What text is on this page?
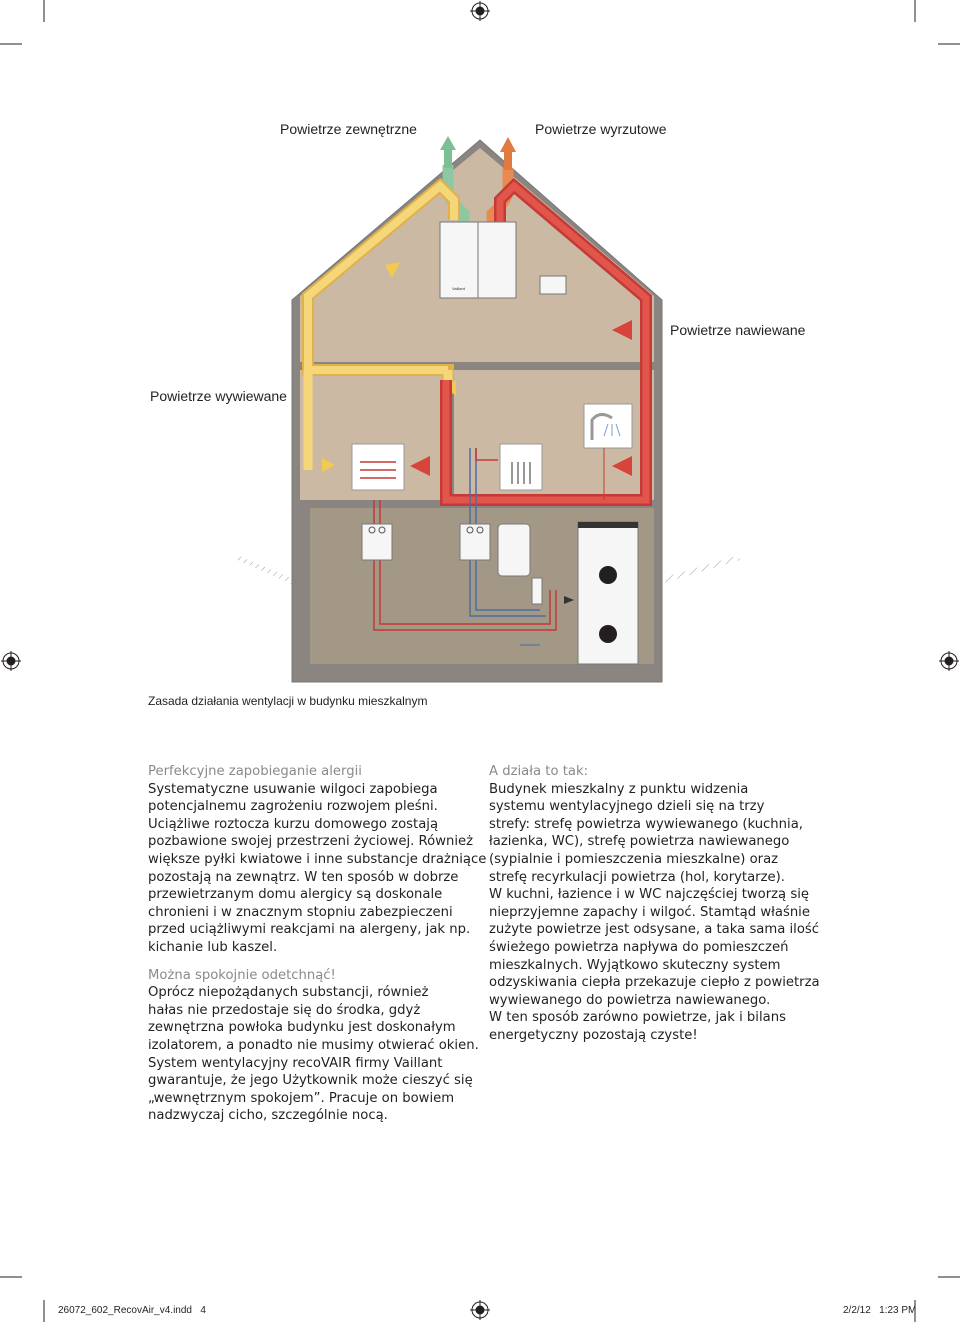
Vaillant
Powietrze zewnętrzne	Powietrze wyrzutowe
Powietrze nawiewane
Powietrze wywiewane
Zasada działania wentylacji w budynku mieszkalnym

Perfekcyjne zapobieganie alergii

Systematyczne usuwanie wilgoci zapobiega
potencjalnemu zagrożeniu rozwojem pleśni.
Uciążliwe roztocza kurzu domowego zostają
pozbawione swojej przestrzeni życiowej. Również
większe pyłki kwiatowe i inne substancje drażniące
pozostają na zewnątrz. W ten sposób w dobrze
przewietrzanym domu alergicy są doskonale
chronieni i w znacznym stopniu zabezpieczeni
przed uciążliwymi reakcjami na alergeny, jak np.
kichanie lub kaszel.

Można spokojnie odetchnąć!

Oprócz niepożądanych substancji, również
hałas nie przedostaje się do środka, gdyż
zewnętrzna powłoka budynku jest doskonałym
izolatorem, a ponadto nie musimy otwierać okien.
System wentylacyjny recoVAIR firmy Vaillant
gwarantuje, że jego Użytkownik może cieszyć się
„wewnętrznym spokojem”. Pracuje on bowiem
nadzwyczaj cicho, szczególnie nocą.

A działa to tak:

Budynek mieszkalny z punktu widzenia
systemu wentylacyjnego dzieli się na trzy
strefy: strefę powietrza wywiewanego (kuchnia,
łazienka, WC), strefę powietrza nawiewanego
(sypialnie i pomieszczenia mieszkalne) oraz
strefę recyrkulacji powietrza (hol, korytarze).
W kuchni, łazience i w WC najczęściej tworzą się
nieprzyjemne zapachy i wilgoć. Stamtąd właśnie
zużyte powietrze jest odsysane, a taka sama ilość
świeżego powietrza napływa do pomieszczeń
mieszkalnych. Wyjątkowo skuteczny system
odzyskiwania ciepła przekazuje ciepło z powietrza
wywiewanego do powietrza nawiewanego.
W ten sposób zarówno powietrze, jak i bilans
energetyczny pozostają czyste!

26072_602_RecovAir_v4.indd   4	2/2/12   1:23 PM
